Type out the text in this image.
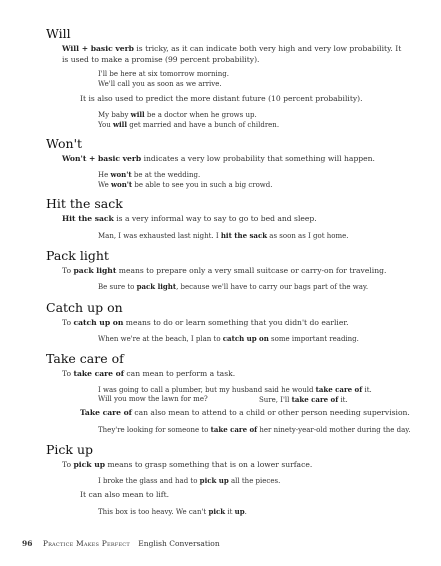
Will

Will + basic verb is tricky, as it can indicate both very high and very low probability. It is used to make a promise (99 percent probability).

I'll be here at six tomorrow morning.

We'll call you as soon as we arrive.

It is also used to predict the more distant future (10 percent probability).

My baby will be a doctor when he grows up.

You will get married and have a bunch of children.

Won't

Won't + basic verb indicates a very low probability that something will happen.

He won't be at the wedding.

We won't be able to see you in such a big crowd.

Hit the sack

Hit the sack is a very informal way to say to go to bed and sleep.

Man, I was exhausted last night. I hit the sack as soon as I got home.

Pack light

To pack light means to prepare only a very small suitcase or carry-on for traveling.

Be sure to pack light, because we'll have to carry our bags part of the way.

Catch up on

To catch up on means to do or learn something that you didn't do earlier.

When we're at the beach, I plan to catch up on some important reading.

Take care of

To take care of can mean to perform a task.

I was going to call a plumber, but my husband said he would take care of it.

Will you mow the lawn for me?	Sure, I'll take care of it.

Take care of can also mean to attend to a child or other person needing supervision.

They're looking for someone to take care of her ninety-year-old mother during the day.

Pick up

To pick up means to grasp something that is on a lower surface.

I broke the glass and had to pick up all the pieces.

It can also mean to lift.

This box is too heavy. We can't pick it up.

96 Practice Makes Perfect English Conversation
